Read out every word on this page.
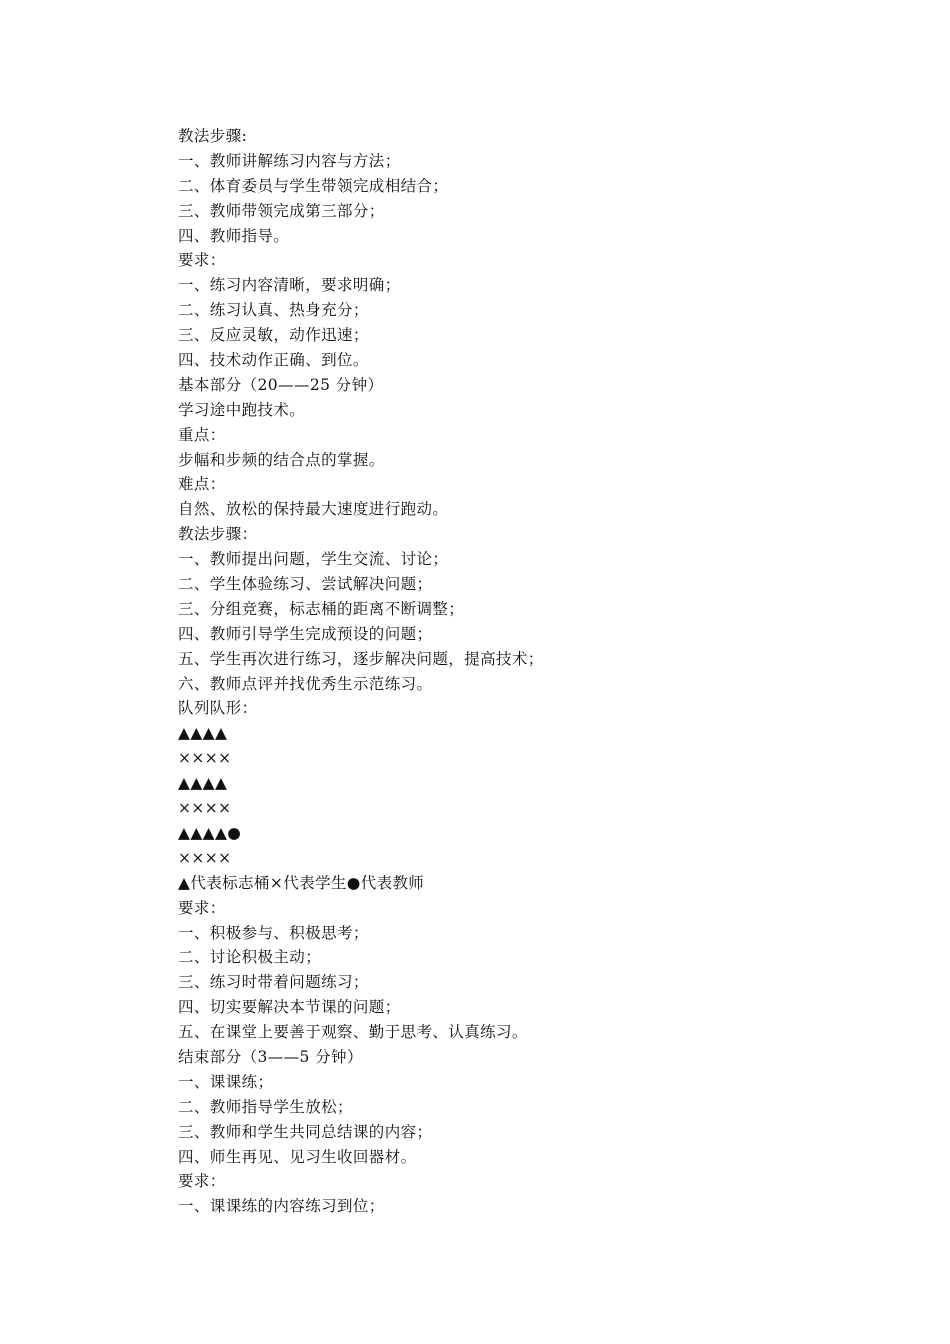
教法步骤:
一、教师讲解练习内容与方法；
二、体育委员与学生带领完成相结合；
三、教师带领完成第三部分；
四、教师指导。
要求：
一、练习内容清晰，要求明确；
二、练习认真、热身充分；
三、反应灵敏，动作迅速；
四、技术动作正确、到位。
基本部分（20——25 分钟）
学习途中跑技术。
重点：
步幅和步频的结合点的掌握。
难点：
自然、放松的保持最大速度进行跑动。
教法步骤：
一、教师提出问题，学生交流、讨论；
二、学生体验练习、尝试解决问题；
三、分组竞赛，标志桶的距离不断调整；
四、教师引导学生完成预设的问题；
五、学生再次进行练习，逐步解决问题，提高技术；
六、教师点评并找优秀生示范练习。
队列队形：
▲▲▲▲
××××
▲▲▲▲
××××
▲▲▲▲●
××××
▲代表标志桶×代表学生●代表教师
要求：
一、积极参与、积极思考；
二、讨论积极主动；
三、练习时带着问题练习；
四、切实要解决本节课的问题；
五、在课堂上要善于观察、勤于思考、认真练习。
结束部分（3——5 分钟）
一、课课练；
二、教师指导学生放松；
三、教师和学生共同总结课的内容；
四、师生再见、见习生收回器材。
要求：
一、课课练的内容练习到位；
